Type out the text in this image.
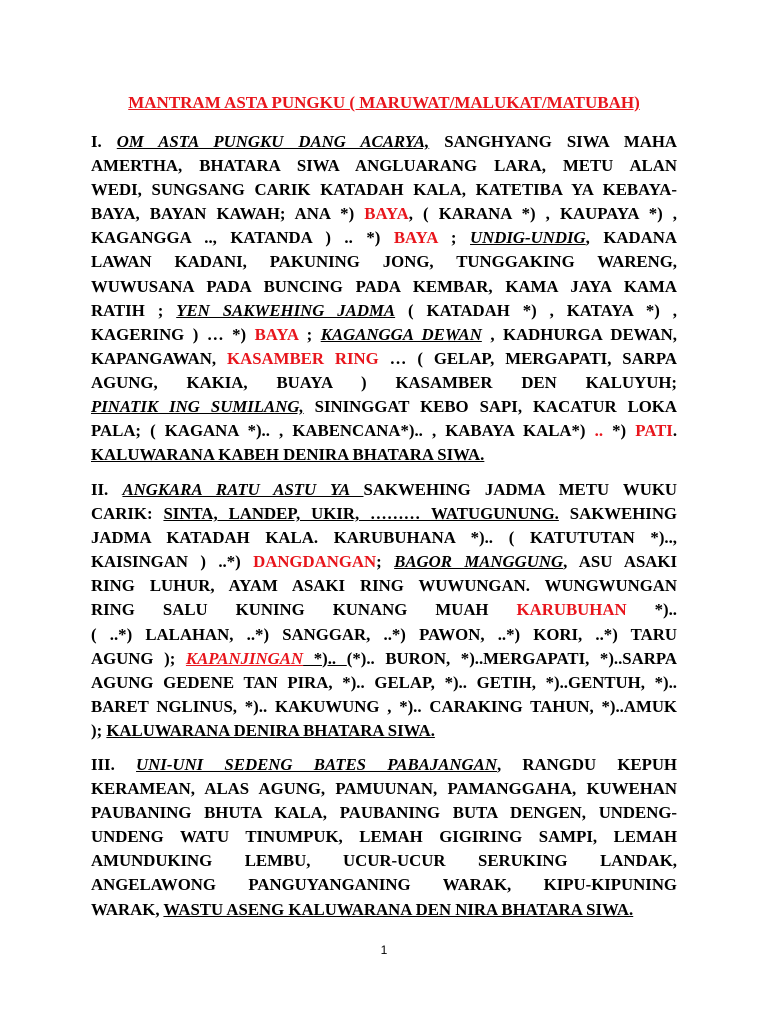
MANTRAM ASTA PUNGKU ( MARUWAT/MALUKAT/MATUBAH)
I. OM ASTA PUNGKU DANG ACARYA, SANGHYANG SIWA MAHA
AMERTHA, BHATARA SIWA ANGLUARANG LARA, METU ALAN
WEDI, SUNGSANG CARIK KATADAH KALA, KATETIBA YA KEBAYA-
BAYA, BAYAN KAWAH; ANA *) BAYA, ( KARANA *) , KAUPAYA *) ,
KAGANGGA .., KATANDA ) .. *) BAYA ; UNDIG-UNDIG, KADANA
LAWAN KADANI, PAKUNING JONG, TUNGGAKING WARENG,
WUWUSANA PADA BUNCING PADA KEMBAR, KAMA JAYA KAMA
RATIH ; YEN SAKWEHING JADMA ( KATADAH *) , KATAYA *) ,
KAGERING ) … *) BAYA ; KAGANGGA DEWAN , KADHURGA DEWAN,
KAPANGAWAN, KASAMBER RING … ( GELAP, MERGAPATI, SARPA
AGUNG, KAKIA, BUAYA ) KASAMBER DEN KALUYUH;
PINATIK ING SUMILANG, SININGGAT KEBO SAPI, KACATUR LOKA
PALA; ( KAGANA *).. , KABENCANA*).. , KABAYA KALA*) .. *) PATI.
KALUWARANA KABEH DENIRA BHATARA SIWA.
II. ANGKARA RATU ASTU YA SAKWEHING JADMA METU WUKU
CARIK: SINTA, LANDEP, UKIR, ……… WATUGUNUNG. SAKWEHING
JADMA KATADAH KALA. KARUBUHANA *).. ( KATUTUTAN *)..,
KAISINGAN ) ..*) DANGDANGAN; BAGOR MANGGUNG, ASU ASAKI
RING LUHUR, AYAM ASAKI RING WUWUNGAN. WUNGWUNGAN
RING SALU KUNING KUNANG MUAH KARUBUHAN *)..
( ..*) LALAHAN, ..*) SANGGAR, ..*) PAWON, ..*) KORI, ..*) TARU
AGUNG ); KAPANJINGAN *).. (*).. BURON, *)..MERGAPATI, *)..SARPA
AGUNG GEDENE TAN PIRA, *).. GELAP, *).. GETIH, *)..GENTUH, *)..
BARET NGLINUS, *).. KAKUWUNG , *).. CARAKING TAHUN, *)..AMUK
); KALUWARANA DENIRA BHATARA SIWA.
III. UNI-UNI SEDENG BATES PABAJANGAN, RANGDU KEPUH
KERAMEAN, ALAS AGUNG, PAMUUNAN, PAMANGGAHA, KUWEHAN
PAUBANING BHUTA KALA, PAUBANING BUTA DENGEN, UNDENG-
UNDENG WATU TINUMPUK, LEMAH GIGIRING SAMPI, LEMAH
AMUNDUKING LEMBU, UCUR-UCUR SERUKING LANDAK,
ANGELAWONG PANGUYANGANING WARAK, KIPU-KIPUNING
WARAK, WASTU ASENG KALUWARANA DEN NIRA BHATARA SIWA.
1
